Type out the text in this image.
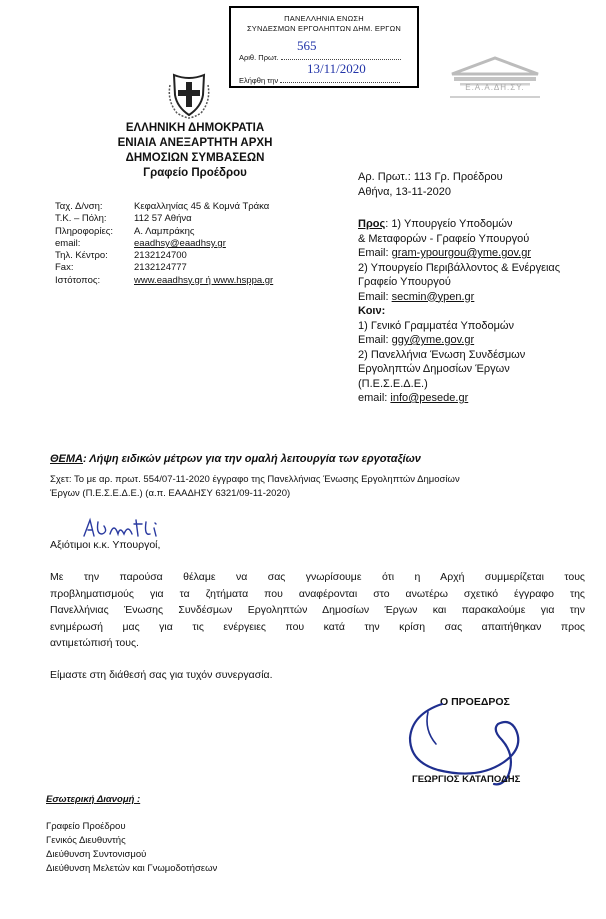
ΠΑΝΕΛΛΗΝΙΑ ΕΝΩΣΗ
ΣΥΝΔΕΣΜΩΝ ΕΡΓΟΛΗΠΤΩΝ ΔΗΜ. ΕΡΓΩΝ
Αριθ. Πρωτ.
565
Ελήφθη την
13/11/2020
Ε.Α.Α.ΔΗ.ΣΥ.
ΕΛΛΗΝΙΚΗ ΔΗΜΟΚΡΑΤΙΑ
ΕΝΙΑΙΑ ΑΝΕΞΑΡΤΗΤΗ ΑΡΧΗ
ΔΗΜΟΣΙΩΝ ΣΥΜΒΑΣΕΩΝ
Γραφείο Προέδρου
Ταχ. Δ/νση:
Τ.Κ. – Πόλη:
Πληροφορίες:
email:
Τηλ. Κέντρο:
Fax:
Ιστότοπος:
Κεφαλληνίας 45 & Κομνά Τράκα
112 57 Αθήνα
Α. Λαμπράκης
eaadhsy@eaadhsy.gr
2132124700
2132124777
www.eaadhsy.gr ή www.hsppa.gr
Αρ. Πρωτ.: 113 Γρ. Προέδρου
Αθήνα, 13-11-2020
Προς: 1) Υπουργείο Υποδομών
& Μεταφορών - Γραφείο Υπουργού
Email: gram-ypourgou@yme.gov.gr
2) Υπουργείο Περιβάλλοντος & Ενέργειας
Γραφείο Υπουργού
Email: secmin@ypen.gr
Κοιν:
1) Γενικό Γραμματέα Υποδομών
Email: ggy@yme.gov.gr
2) Πανελλήνια Ένωση Συνδέσμων
Εργοληπτών Δημοσίων Έργων
(Π.Ε.Σ.Ε.Δ.Ε.)
email: info@pesede.gr
ΘΕΜΑ: Λήψη ειδικών μέτρων για την ομαλή λειτουργία των εργοταξίων
Σχετ: Το με αρ. πρωτ. 554/07-11-2020 έγγραφο της Πανελλήνιας Ένωσης Εργοληπτών Δημοσίων
Έργων (Π.Ε.Σ.Ε.Δ.Ε.) (α.π. ΕΑΑΔΗΣΥ 6321/09-11-2020)
Αξιότιμοι κ.κ. Υπουργοί,
Με την παρούσα θέλαμε να σας γνωρίσουμε ότι η Αρχή συμμερίζεται τους
προβληματισμούς για τα ζητήματα που αναφέρονται στο ανωτέρω σχετικό έγγραφο της
Πανελλήνιας Ένωσης Συνδέσμων Εργοληπτών Δημοσίων Έργων και παρακαλούμε για την
ενημέρωσή μας για τις ενέργειες που κατά την κρίση σας απαιτήθηκαν προς
αντιμετώπισή τους.
Είμαστε στη διάθεσή σας για τυχόν συνεργασία.
Ο ΠΡΟΕΔΡΟΣ
ΓΕΩΡΓΙΟΣ ΚΑΤΑΠΟΔΗΣ
Εσωτερική Διανομή :
Γραφείο Προέδρου
Γενικός Διευθυντής
Διεύθυνση Συντονισμού
Διεύθυνση Μελετών και Γνωμοδοτήσεων
